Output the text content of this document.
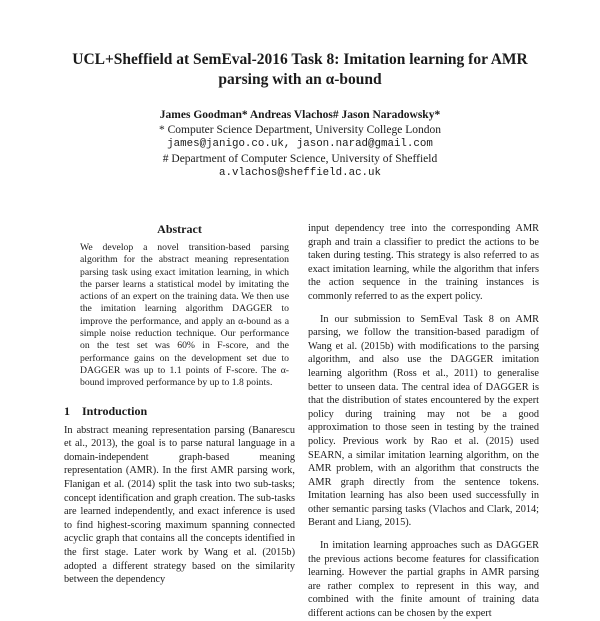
UCL+Sheffield at SemEval-2016 Task 8: Imitation learning for AMR
parsing with an α-bound
James Goodman* Andreas Vlachos# Jason Naradowsky*
* Computer Science Department, University College London
james@janigo.co.uk, jason.narad@gmail.com
# Department of Computer Science, University of Sheffield
a.vlachos@sheffield.ac.uk
Abstract

We develop a novel transition-based parsing algorithm for the abstract meaning representation parsing task using exact imitation learning, in which the parser learns a statistical model by imitating the actions of an expert on the training data. We then use the imitation learning algorithm DAGGER to improve the performance, and apply an α-bound as a simple noise reduction technique. Our performance on the test set was 60% in F-score, and the performance gains on the development set due to DAGGER was up to 1.1 points of F-score. The α-bound improved performance by up to 1.8 points.

1 Introduction

In abstract meaning representation parsing (Banarescu et al., 2013), the goal is to parse natural language in a domain-independent graph-based meaning representation (AMR). In the first AMR parsing work, Flanigan et al. (2014) split the task into two sub-tasks; concept identification and graph creation. The sub-tasks are learned independently, and exact inference is used to find highest-scoring maximum spanning connected acyclic graph that contains all the concepts identified in the first stage. Later work by Wang et al. (2015b) adopted a different strategy based on the similarity between the dependency

input dependency tree into the corresponding AMR graph and train a classifier to predict the actions to be taken during testing. This strategy is also referred to as exact imitation learning, while the algorithm that infers the action sequence in the training instances is commonly referred to as the expert policy.

In our submission to SemEval Task 8 on AMR parsing, we follow the transition-based paradigm of Wang et al. (2015b) with modifications to the parsing algorithm, and also use the DAGGER imitation learning algorithm (Ross et al., 2011) to generalise better to unseen data. The central idea of DAGGER is that the distribution of states encountered by the expert policy during training may not be a good approximation to those seen in testing by the trained policy. Previous work by Rao et al. (2015) used SEARN, a similar imitation learning algorithm, on the AMR problem, with an algorithm that constructs the AMR graph directly from the sentence tokens. Imitation learning has also been used successfully in other semantic parsing tasks (Vlachos and Clark, 2014; Berant and Liang, 2015).

In imitation learning approaches such as DAGGER the previous actions become features for classification learning. However the partial graphs in AMR parsing are rather complex to represent in this way, and combined with the finite amount of training data different actions can be chosen by the expert
